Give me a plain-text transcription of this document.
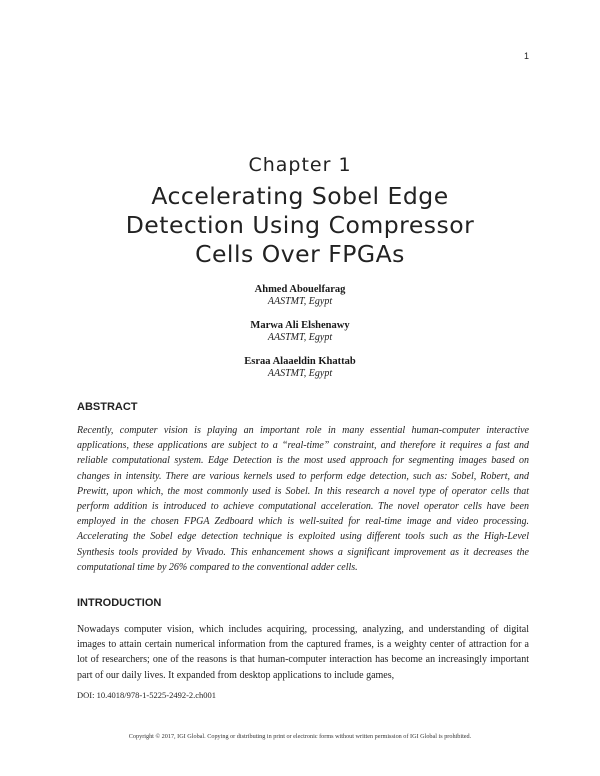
1
Chapter 1
Accelerating Sobel Edge
Detection Using Compressor
Cells Over FPGAs
Ahmed Abouelfarag
AASTMT, Egypt
Marwa Ali Elshenawy
AASTMT, Egypt
Esraa Alaaeldin Khattab
AASTMT, Egypt
ABSTRACT

Recently, computer vision is playing an important role in many essential human-computer interactive applications, these applications are subject to a “real-time” constraint, and therefore it requires a fast and reliable computational system. Edge Detection is the most used approach for segmenting images based on changes in intensity. There are various kernels used to perform edge detection, such as: Sobel, Robert, and Prewitt, upon which, the most commonly used is Sobel. In this research a novel type of operator cells that perform addition is introduced to achieve computational acceleration. The novel operator cells have been employed in the chosen FPGA Zedboard which is well-suited for real-time image and video processing. Accelerating the Sobel edge detection technique is exploited using different tools such as the High-Level Synthesis tools provided by Vivado. This enhancement shows a significant improvement as it decreases the computational time by 26% compared to the conventional adder cells.

INTRODUCTION

Nowadays computer vision, which includes acquiring, processing, analyzing, and understanding of digital images to attain certain numerical information from the captured frames, is a weighty center of attraction for a lot of researchers; one of the reasons is that human-computer interaction has become an increasingly important part of our daily lives. It expanded from desktop applications to include games,

DOI: 10.4018/978-1-5225-2492-2.ch001
Copyright © 2017, IGI Global. Copying or distributing in print or electronic forms without written permission of IGI Global is prohibited.
